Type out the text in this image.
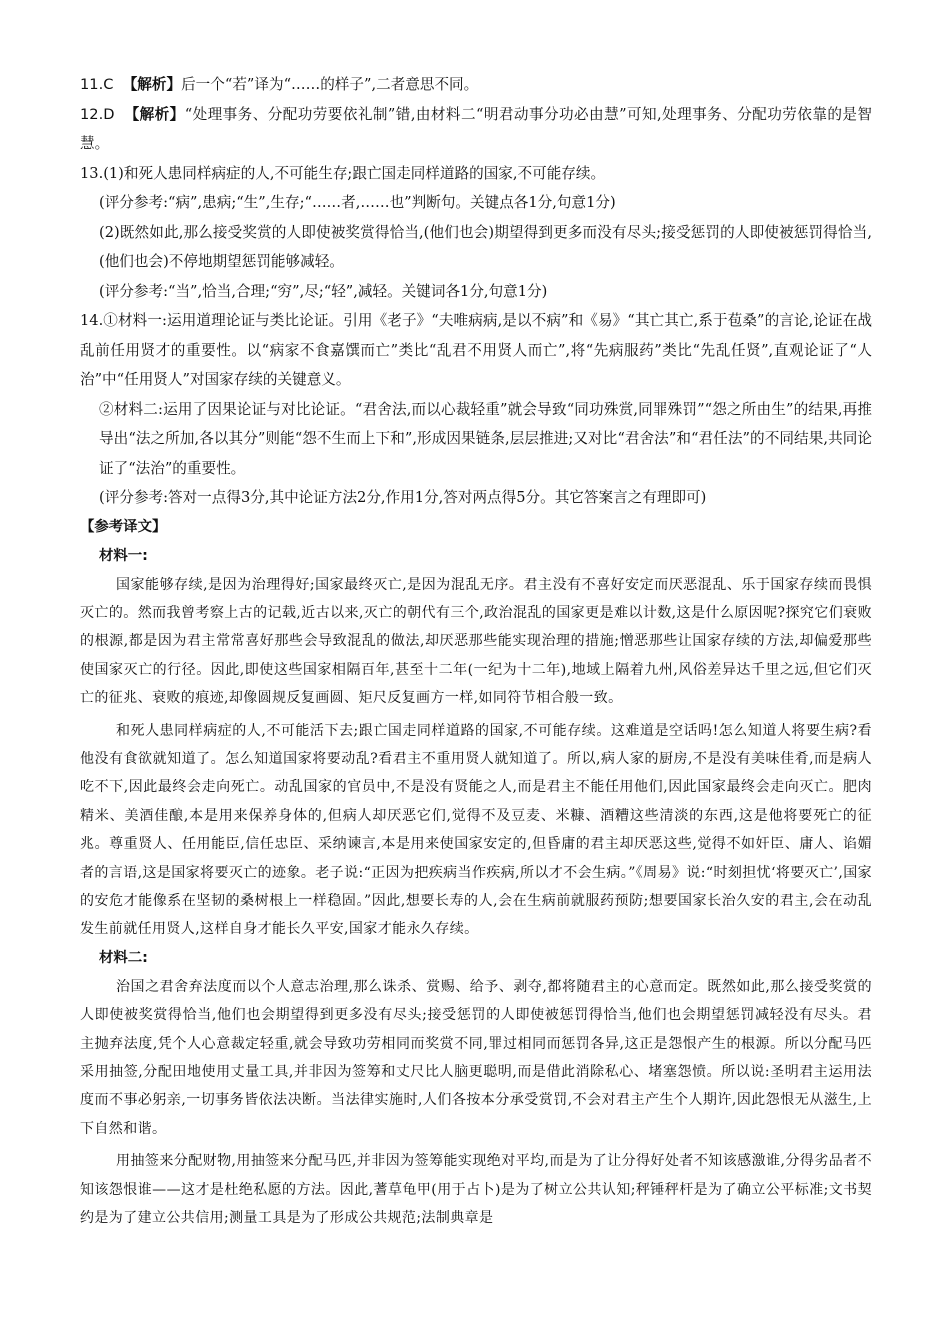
11.C 【解析】后一个“若”译为“……的样子”,二者意思不同。

12.D 【解析】“处理事务、分配功劳要依礼制”错,由材料二“明君动事分功必由慧”可知,处理事务、分配功劳依靠的是智慧。

13.(1)和死人患同样病症的人,不可能生存;跟亡国走同样道路的国家,不可能存续。

(评分参考:“病”,患病;“生”,生存;“……者,……也”判断句。关键点各1分,句意1分)

(2)既然如此,那么接受奖赏的人即使被奖赏得恰当,(他们也会)期望得到更多而没有尽头;接受惩罚的人即使被惩罚得恰当,(他们也会)不停地期望惩罚能够减轻。

(评分参考:“当”,恰当,合理;“穷”,尽;“轻”,减轻。关键词各1分,句意1分)

14.①材料一:运用道理论证与类比论证。引用《老子》“夫唯病病,是以不病”和《易》“其亡其亡,系于苞桑”的言论,论证在战乱前任用贤才的重要性。以“病家不食嘉馔而亡”类比“乱君不用贤人而亡”,将“先病服药”类比“先乱任贤”,直观论证了“人治”中“任用贤人”对国家存续的关键意义。

②材料二:运用了因果论证与对比论证。“君舍法,而以心裁轻重”就会导致“同功殊赏,同罪殊罚”“怨之所由生”的结果,再推导出“法之所加,各以其分”则能“怨不生而上下和”,形成因果链条,层层推进;又对比“君舍法”和“君任法”的不同结果,共同论证了“法治”的重要性。

(评分参考:答对一点得3分,其中论证方法2分,作用1分,答对两点得5分。其它答案言之有理即可)

【参考译文】

材料一:

国家能够存续,是因为治理得好;国家最终灭亡,是因为混乱无序。君主没有不喜好安定而厌恶混乱、乐于国家存续而畏惧灭亡的。然而我曾考察上古的记载,近古以来,灭亡的朝代有三个,政治混乱的国家更是难以计数,这是什么原因呢?探究它们衰败的根源,都是因为君主常常喜好那些会导致混乱的做法,却厌恶那些能实现治理的措施;憎恶那些让国家存续的方法,却偏爱那些使国家灭亡的行径。因此,即使这些国家相隔百年,甚至十二年(一纪为十二年),地域上隔着九州,风俗差异达千里之远,但它们灭亡的征兆、衰败的痕迹,却像圆规反复画圆、矩尺反复画方一样,如同符节相合般一致。

和死人患同样病症的人,不可能活下去;跟亡国走同样道路的国家,不可能存续。这难道是空话吗!怎么知道人将要生病?看他没有食欲就知道了。怎么知道国家将要动乱?看君主不重用贤人就知道了。所以,病人家的厨房,不是没有美味佳肴,而是病人吃不下,因此最终会走向死亡。动乱国家的官员中,不是没有贤能之人,而是君主不能任用他们,因此国家最终会走向灭亡。肥肉精米、美酒佳酿,本是用来保养身体的,但病人却厌恶它们,觉得不及豆麦、米糠、酒糟这些清淡的东西,这是他将要死亡的征兆。尊重贤人、任用能臣,信任忠臣、采纳谏言,本是用来使国家安定的,但昏庸的君主却厌恶这些,觉得不如奸臣、庸人、谄媚者的言语,这是国家将要灭亡的迹象。老子说:“正因为把疾病当作疾病,所以才不会生病。”《周易》说:“时刻担忧‘将要灭亡’,国家的安危才能像系在坚韧的桑树根上一样稳固。”因此,想要长寿的人,会在生病前就服药预防;想要国家长治久安的君主,会在动乱发生前就任用贤人,这样自身才能长久平安,国家才能永久存续。

材料二:

治国之君舍弃法度而以个人意志治理,那么诛杀、赏赐、给予、剥夺,都将随君主的心意而定。既然如此,那么接受奖赏的人即使被奖赏得恰当,他们也会期望得到更多没有尽头;接受惩罚的人即使被惩罚得恰当,他们也会期望惩罚减轻没有尽头。君主抛弃法度,凭个人心意裁定轻重,就会导致功劳相同而奖赏不同,罪过相同而惩罚各异,这正是怨恨产生的根源。所以分配马匹采用抽签,分配田地使用丈量工具,并非因为签筹和丈尺比人脑更聪明,而是借此消除私心、堵塞怨愤。所以说:圣明君主运用法度而不事必躬亲,一切事务皆依法决断。当法律实施时,人们各按本分承受赏罚,不会对君主产生个人期许,因此怨恨无从滋生,上下自然和谐。

用抽签来分配财物,用抽签来分配马匹,并非因为签筹能实现绝对平均,而是为了让分得好处者不知该感激谁,分得劣品者不知该怨恨谁——这才是杜绝私愿的方法。因此,蓍草龟甲(用于占卜)是为了树立公共认知;秤锤秤杆是为了确立公平标准;文书契约是为了建立公共信用;测量工具是为了形成公共规范;法制典章是
